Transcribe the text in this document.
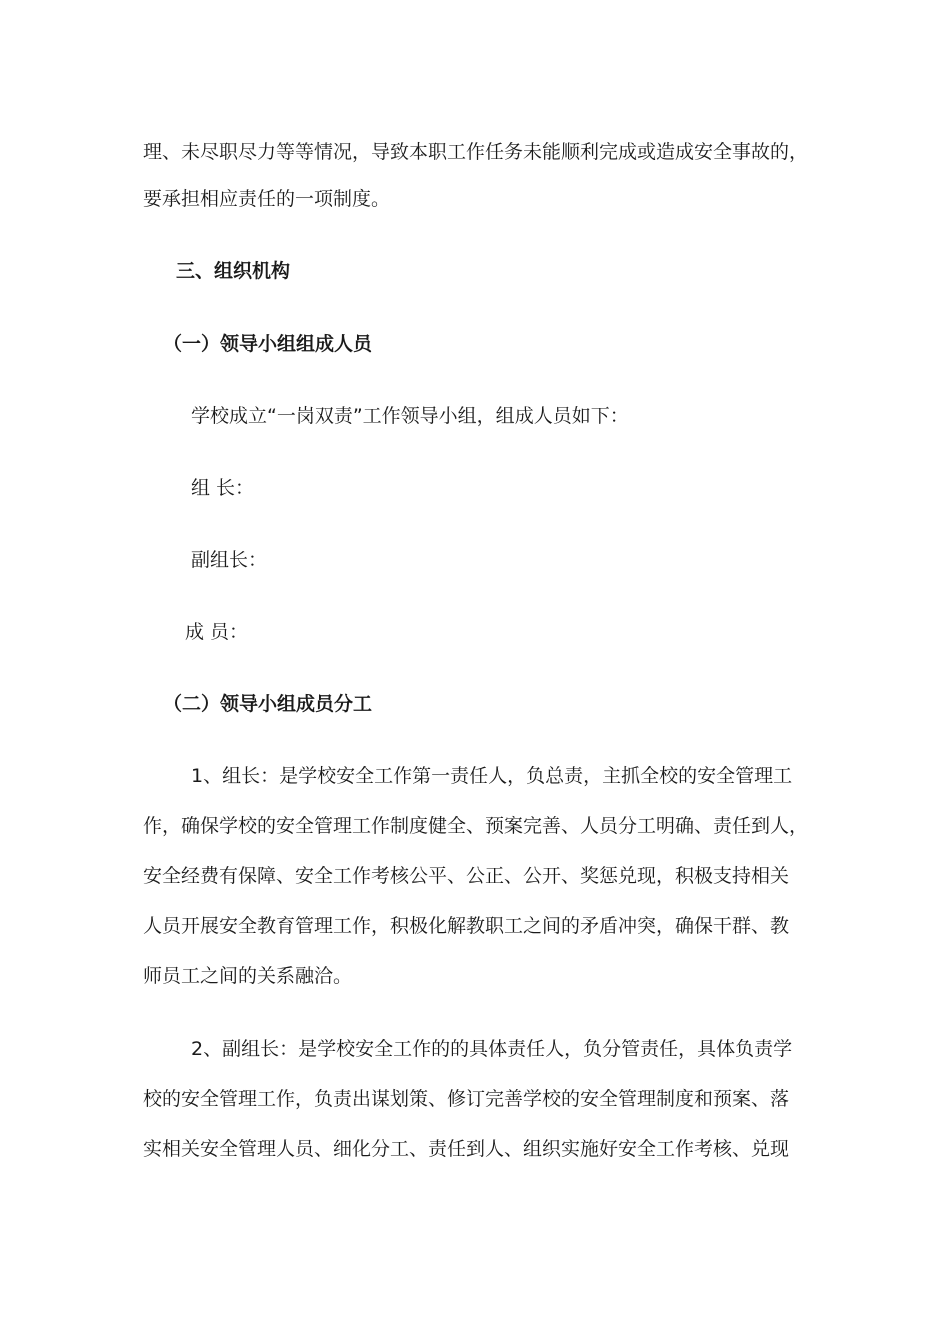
理、未尽职尽力等等情况，导致本职工作任务未能顺利完成或造成安全事故的，
要承担相应责任的一项制度。
三、组织机构
（一）领导小组组成人员
学校成立“一岗双责”工作领导小组，组成人员如下：
组 长：
副组长：
成 员：
（二）领导小组成员分工
1、组长：是学校安全工作第一责任人，负总责，主抓全校的安全管理工
作，确保学校的安全管理工作制度健全、预案完善、人员分工明确、责任到人，
安全经费有保障、安全工作考核公平、公正、公开、奖惩兑现，积极支持相关
人员开展安全教育管理工作，积极化解教职工之间的矛盾冲突，确保干群、教
师员工之间的关系融洽。
2、副组长：是学校安全工作的的具体责任人，负分管责任，具体负责学
校的安全管理工作，负责出谋划策、修订完善学校的安全管理制度和预案、落
实相关安全管理人员、细化分工、责任到人、组织实施好安全工作考核、兑现
